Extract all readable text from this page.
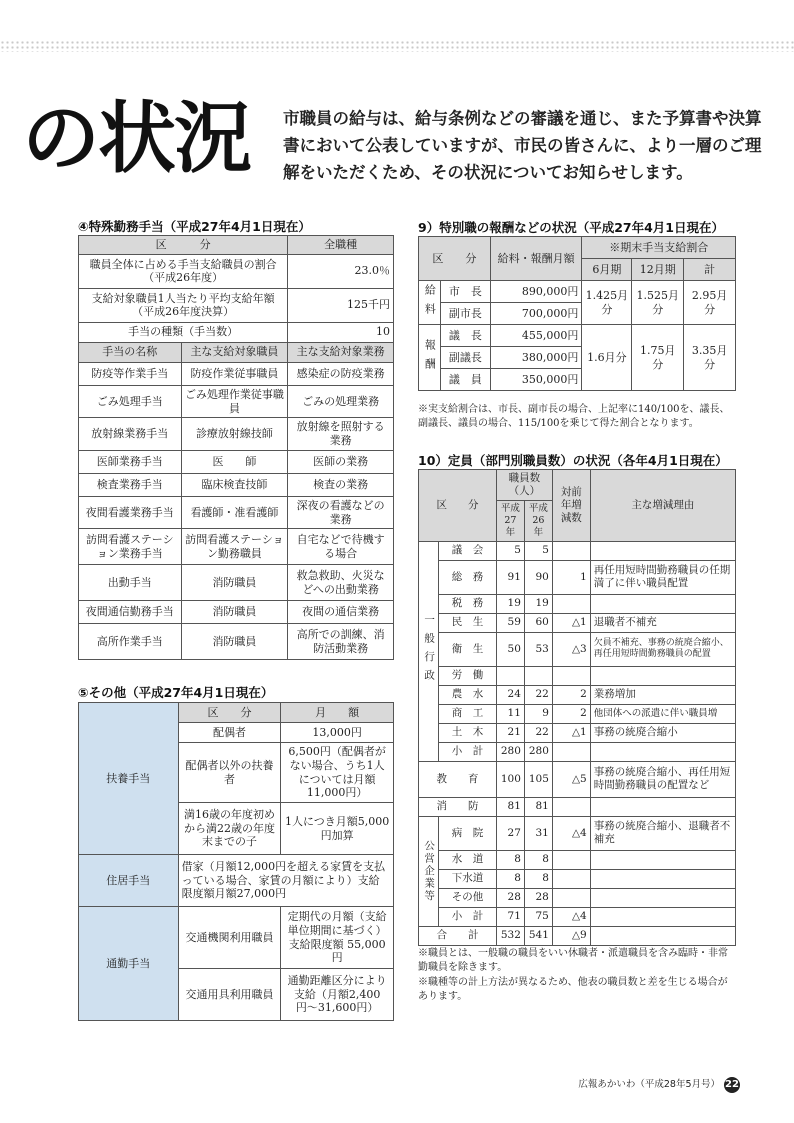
の状況 市職員の給与は、給与条例などの審議を通じ、また予算書や決算書において公表していますが、市民の皆さんに、より一層のご理解をいただくため、その状況についてお知らせします。
④特殊勤務手当（平成27年4月1日現在）
区　　　分		全職種
職員全体に占める手当支給職員の割合（平成26年度）		23.0％
支給対象職員1人当たり平均支給年額（平成26年度決算）		125千円
手当の種類（手当数）		10
手当の名称	主な支給対象職員	主な支給対象業務
防疫等作業手当	防疫作業従事職員	感染症の防疫業務
ごみ処理手当	ごみ処理作業従事職員	ごみの処理業務
放射線業務手当	診療放射線技師	放射線を照射する業務
医師業務手当	医　　師	医師の業務
検査業務手当	臨床検査技師	検査の業務
夜間看護業務手当	看護師・准看護師	深夜の看護などの業務
訪問看護ステーション業務手当	訪問看護ステーション勤務職員	自宅などで待機する場合
出動手当	消防職員	救急救助、火災などへの出動業務
夜間通信勤務手当	消防職員	夜間の通信業務
高所作業手当	消防職員	高所での訓練、消防活動業務
⑤その他（平成27年4月1日現在）
扶養手当	区　　分	月　　額
	配偶者	13,000円
	配偶者以外の扶養者	6,500円（配偶者がない場合、うち1人については月額11,000円）
	満16歳の年度初めから満22歳の年度末までの子	1人につき月額5,000円加算
住居手当	借家（月額12,000円を超える家賃を支払っている場合、家賃の月額により）支給限度額月額27,000円	
通勤手当	交通機関利用職員	定期代の月額（支給単位期間に基づく）支給限度額 55,000円
	交通用具利用職員	通勤距離区分により支給（月額2,400円〜31,600円）
9）特別職の報酬などの状況（平成27年4月1日現在）
区　　分		給料・報酬月額	※期末手当支給割合		
			6月期	12月期	計
給料	市　長	890,000円	1.425月分	1.525月分	2.95月分
	副市長	700,000円			
報酬	議　長	455,000円	1.6月分	1.75月分	3.35月分
	副議長	380,000円			
	議　員	350,000円			
※実支給割合は、市長、副市長の場合、上記率に140/100を、議長、副議長、議員の場合、115/100を乗じて得た割合となります。
10）定員（部門別職員数）の状況（各年4月1日現在）
区　　分		職員数（人）		対前年増減数	主な増減理由
		平成27年	平成26年		
一般行政	議　会	5	5		
	総　務	91	90	1	再任用短時間勤務職員の任期満了に伴い職員配置
	税　務	19	19		
	民　生	59	60	△1	退職者不補充
	衛　生	50	53	△3	欠員不補充、事務の統廃合縮小、再任用短時間勤務職員の配置
	労　働				
	農　水	24	22	2	業務増加
	商　工	11	9	2	他団体への派遣に伴い職員増
	土　木	21	22	△1	事務の統廃合縮小
	小　計	280	280		
教　　育		100	105	△5	事務の統廃合縮小、再任用短時間勤務職員の配置など
消　　防		81	81		
公営企業等	病　院	27	31	△4	事務の統廃合縮小、退職者不補充
	水　道	8	8		
	下水道	8	8		
	その他	28	28		
	小　計	71	75	△4	
合　　計		532	541	△9	
※職員とは、一般職の職員をいい休職者・派遣職員を含み臨時・非常勤職員を除きます。
※職種等の計上方法が異なるため、他表の職員数と差を生じる場合があります。
広報あかいわ（平成28年5月号） 22
